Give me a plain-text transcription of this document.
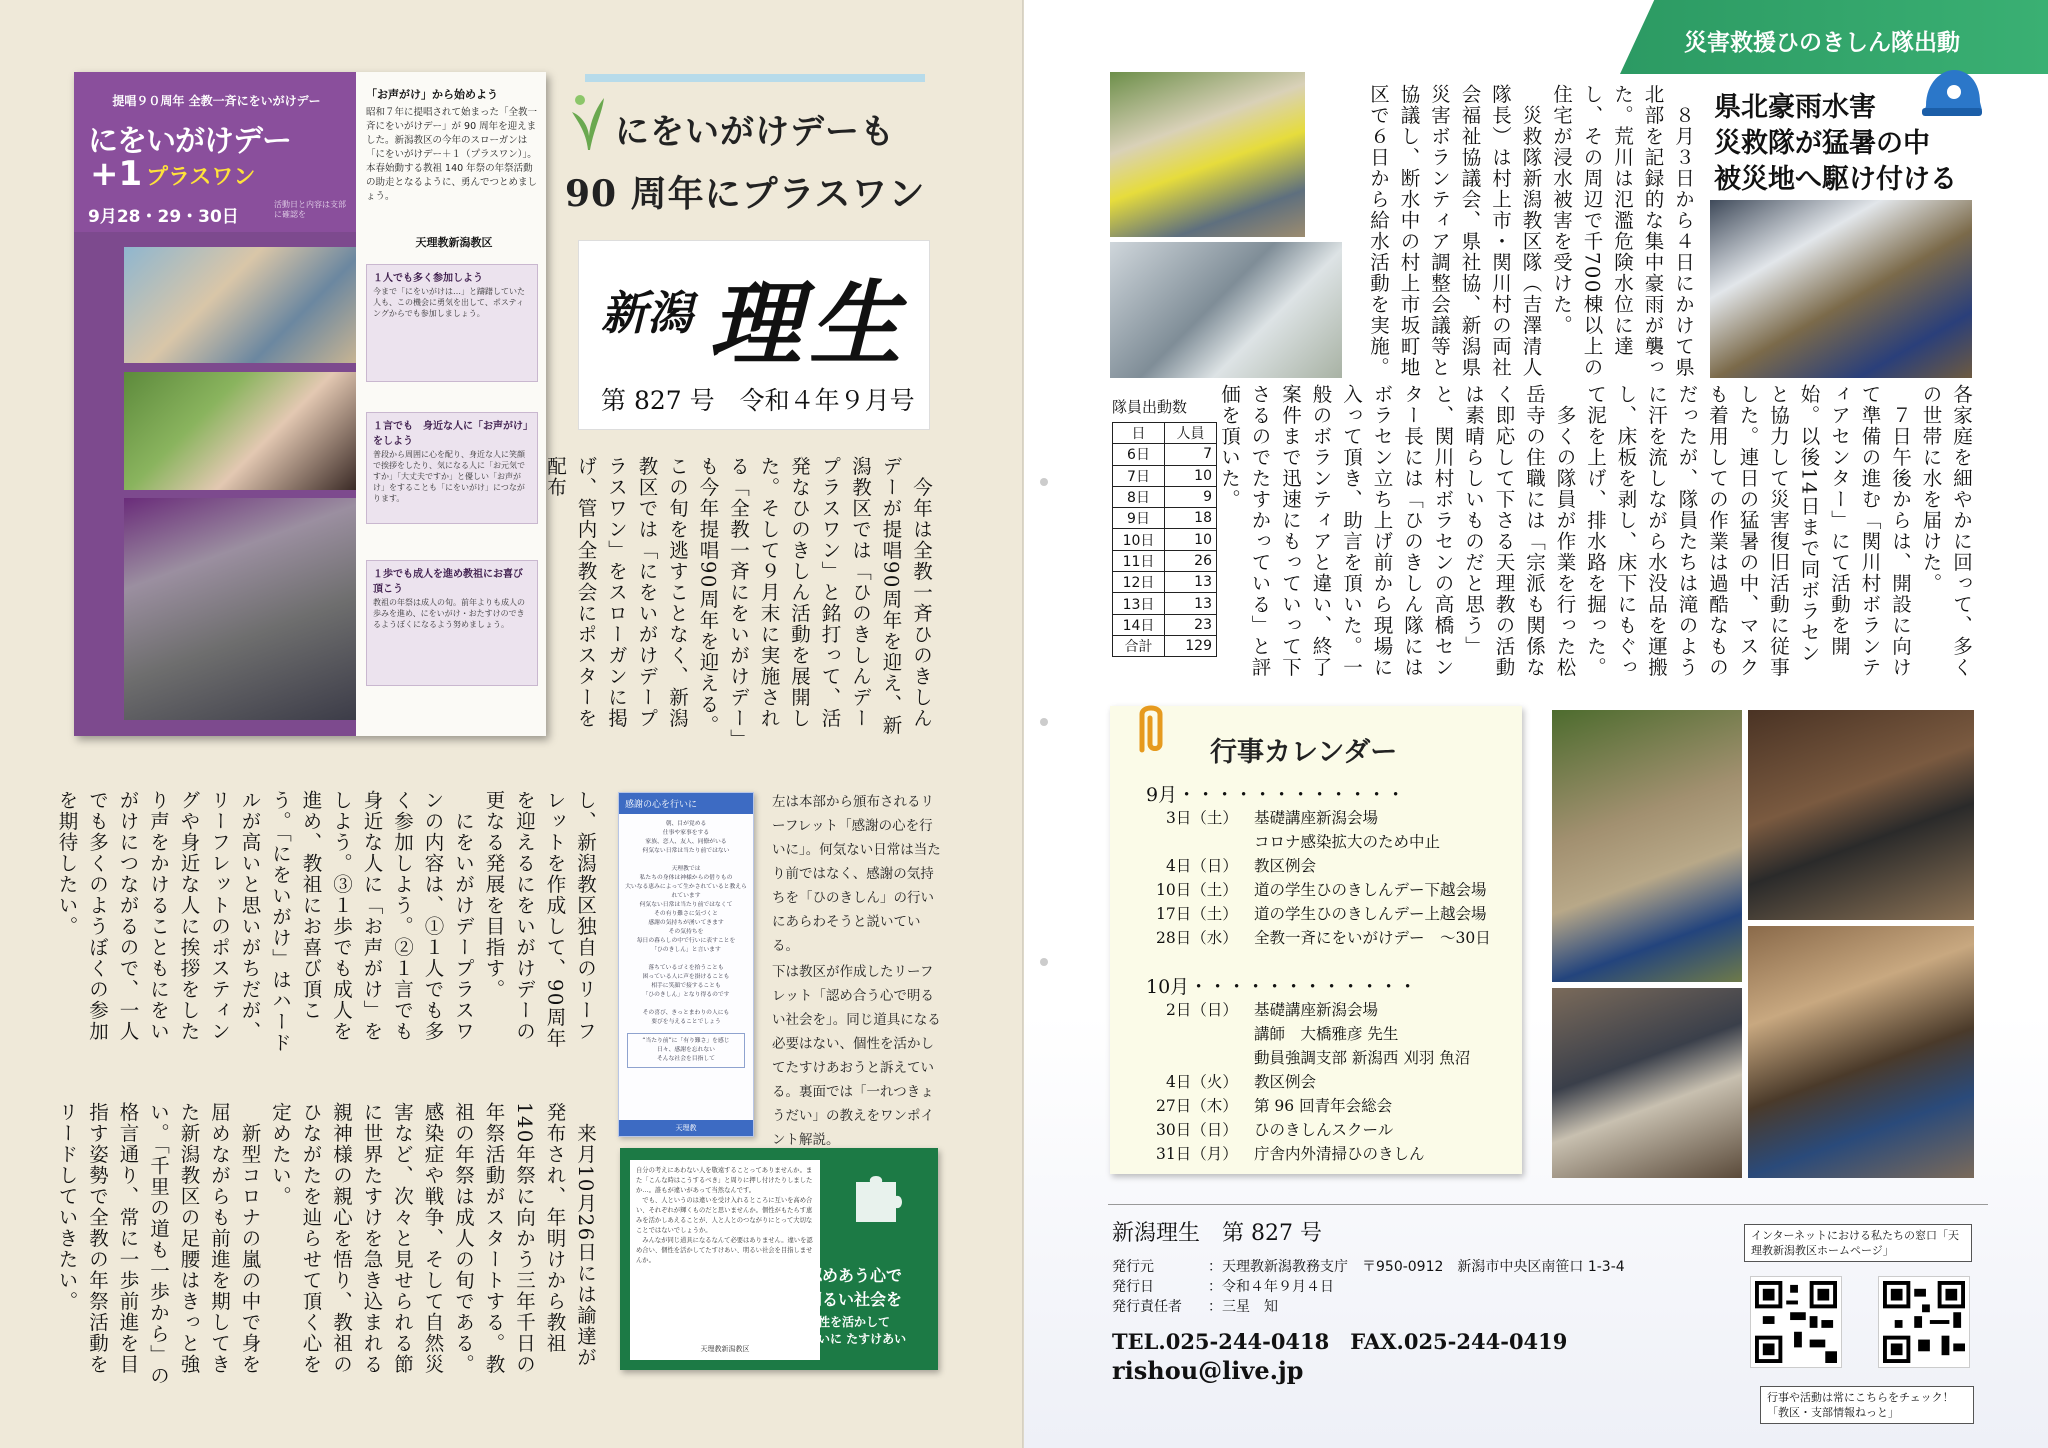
提唱９０周年 全教一斉にをいがけデー
にをいがけデー
+1 プラスワン
9月28・29・30日
活動日と内容は支部に確認を
「お声がけ」から始めよう
昭和７年に提唱されて始まった「全教一斉にをいがけデー」が 90 周年を迎えました。新潟教区の今年のスローガンは「にをいがけデー＋１（プラスワン）」。本春始動する教祖 140 年祭の年祭活動の助走となるように、勇んでつとめましょう。
天理教新潟教区
１人でも多く参加しよう
今まで「にをいがけは…」と躊躇していた人も、この機会に勇気を出して、ポスティングからでも参加しましょう。
１言でも　身近な人に「お声がけ」をしよう
普段から周囲に心を配り、身近な人に笑顔で挨拶をしたり、気になる人に「お元気ですか」「大丈夫ですか」と優しい「お声がけ」をすることも「にをいがけ」につながります。
１歩でも成人を進め教祖にお喜び頂こう
教祖の年祭は成人の旬。前年よりも成人の歩みを進め、にをいがけ・おたすけのできるようぼくになるよう努めましょう。
にをいがけデーも
90 周年にプラスワン
新潟 理生
第 827 号　令和４年９月号
　今年は全教一斉ひのきしんデーが提唱90周年を迎え、新潟教区では「ひのきしんデープラスワン」と銘打って、活発なひのきしん活動を展開した。そして９月末に実施される「全教一斉にをいがけデー」も今年提唱90周年を迎える。この旬を逃すことなく、新潟教区では「にをいがけデープラスワン」をスローガンに掲げ、管内全教会にポスターを配布
し、新潟教区独自のリーフレットを作成して、90周年を迎えるにをいがけデーの更なる発展を目指す。
　にをいがけデープラスワンの内容は、①１人でも多く参加しよう。②１言でも身近な人に「お声がけ」をしよう。③１歩でも成人を進め、教祖にお喜び頂こう。「にをいがけ」はハードルが高いと思いがちだが、リーフレットのポスティングや身近な人に挨拶をしたり声をかけることもにをいがけにつながるので、一人でも多くのようぼくの参加を期待したい。
　来月10月26日には諭達が発布され、年明けから教祖140年祭に向かう三年千日の年祭活動がスタートする。教祖の年祭は成人の旬である。感染症や戦争、そして自然災害など、次々と見せられる節に世界たすけを急き込まれる親神様の親心を悟り、教祖のひながたを辿らせて頂く心を定めたい。
　新型コロナの嵐の中で身を屈めながらも前進を期してきた新潟教区の足腰はきっと強い。「千里の道も一歩から」の格言通り、常に一歩前進を目指す姿勢で全教の年祭活動をリードしていきたい。
感謝の心を行いに
朝、目が覚める
仕事や家事をする
家族、恋人、友人、同僚がいる
何気ない日常は当たり前ではない

天理教では
私たちの身体は神様からの借りもの
大いなる恵みによって生かされていると教えられています
何気ない日常は当たり前ではなくて
その有り難さに気づくと
感謝の気持ちが湧いてきます
その気持ちを
毎日の暮らしの中で行いに表すことを
「ひのきしん」と言います

落ちているゴミを拾うことも
困っている人に声を掛けることも
相手に笑顔で接することも
「ひのきしん」となり得るのです

その喜び、きっとまわりの人にも
要びを与えることでしょう
“当たり前”に「有り難さ」を感じ
日々、感謝を忘れない
そんな社会を目指して
天理教
左は本部から頒布されるリーフレット「感謝の心を行いに」。何気ない日常は当たり前ではなく、感謝の気持ちを「ひのきしん」の行いにあらわそうと説いている。
下は教区が作成したリーフレット「認め合う心で明るい社会を」。同じ道具になる必要はない、個性を活かしてたすけあおうと訴えている。裏面では「一れつきょうだい」の教えをワンポイント解説。
自分の考えにあわない人を敬遠することってありませんか。また「こんな時はこうするべき」と周りに押し付けたりしましたか…。誰もが違いがあって当然なんです。
　でも、人というのは違いを受け入れるところに互いを高め合い、それぞれが輝くものだと思いませんか。個性がもたらす恵みを活かしあえることが、人と人とのつながりにとって大切なことではないでしょうか。
　みんなが同じ道具になるなんて必要はありません。違いを認め合い、個性を活かしてたすけあい、明るい社会を目指しませんか。
天理教新潟教区
認めあう心で
明るい社会を
個性を活かして
互いに たすけあい
災害救援ひのきしん隊出動
県北豪雨水害
災救隊が猛暑の中
被災地へ駆け付ける
　８月３日から４日にかけて県北部を記録的な集中豪雨が襲った。荒川は氾濫危険水位に達し、その周辺で千700棟以上の住宅が浸水被害を受けた。
　災救隊新潟教区隊（吉澤清人隊長）は村上市・関川村の両社会福祉協議会、県社協、新潟県災害ボランティア調整会議等と協議し、断水中の村上市坂町地区で６日から給水活動を実施。
各家庭を細やかに回って、多くの世帯に水を届けた。
　７日午後からは、開設に向けて準備の進む「関川村ボランティアセンター」にて活動を開始。以後14日まで同ボラセンと協力して災害復旧活動に従事した。連日の猛暑の中、マスクも着用しての作業は過酷なものだったが、隊員たちは滝のように汗を流しながら水没品を運搬し、床板を剥し、床下にもぐって泥を上げ、排水路を掘った。
　多くの隊員が作業を行った松岳寺の住職には「宗派も関係なく即応して下さる天理教の活動は素晴らしいものだと思う」と、関川村ボラセンの高橋センター長には「ひのきしん隊にはボラセン立ち上げ前から現場に入って頂き、助言を頂いた。一般のボランティアと違い、終了案件まで迅速にもっていって下さるのでたすかっている」と評価を頂いた。
隊員出動数
日	人員
6日	7
7日	10
8日	9
9日	18
10日	10
11日	26
12日	13
13日	13
14日	23
合計	129
行事カレンダー
9月・・・・・・・・・・・・
3日（土） 基礎講座新潟会場
コロナ感染拡大のため中止
4日（日） 教区例会
10日（土） 道の学生ひのきしんデー下越会場
17日（土） 道の学生ひのきしんデー上越会場
28日（水） 全教一斉にをいがけデー　～30日
10月・・・・・・・・・・・・
2日（日） 基礎講座新潟会場
講師　大橋雅彦 先生
動員強調支部 新潟西 刈羽 魚沼
4日（火） 教区例会
27日（木） 第 96 回青年会総会
30日（日） ひのきしんスクール
31日（月） 庁舎内外清掃ひのきしん
新潟理生　第 827 号
発行元	：天理教新潟教務支庁　〒950-0912　新潟市中央区南笹口 1-3-4
発行日	：令和４年９月４日
発行責任者 ：三星　知
TEL.025-244-0418　FAX.025-244-0419
rishou@live.jp
インターネットにおける私たちの窓口「天理教新潟教区ホームページ」
行事や活動は常にこちらをチェック！「教区・支部情報ねっと」
